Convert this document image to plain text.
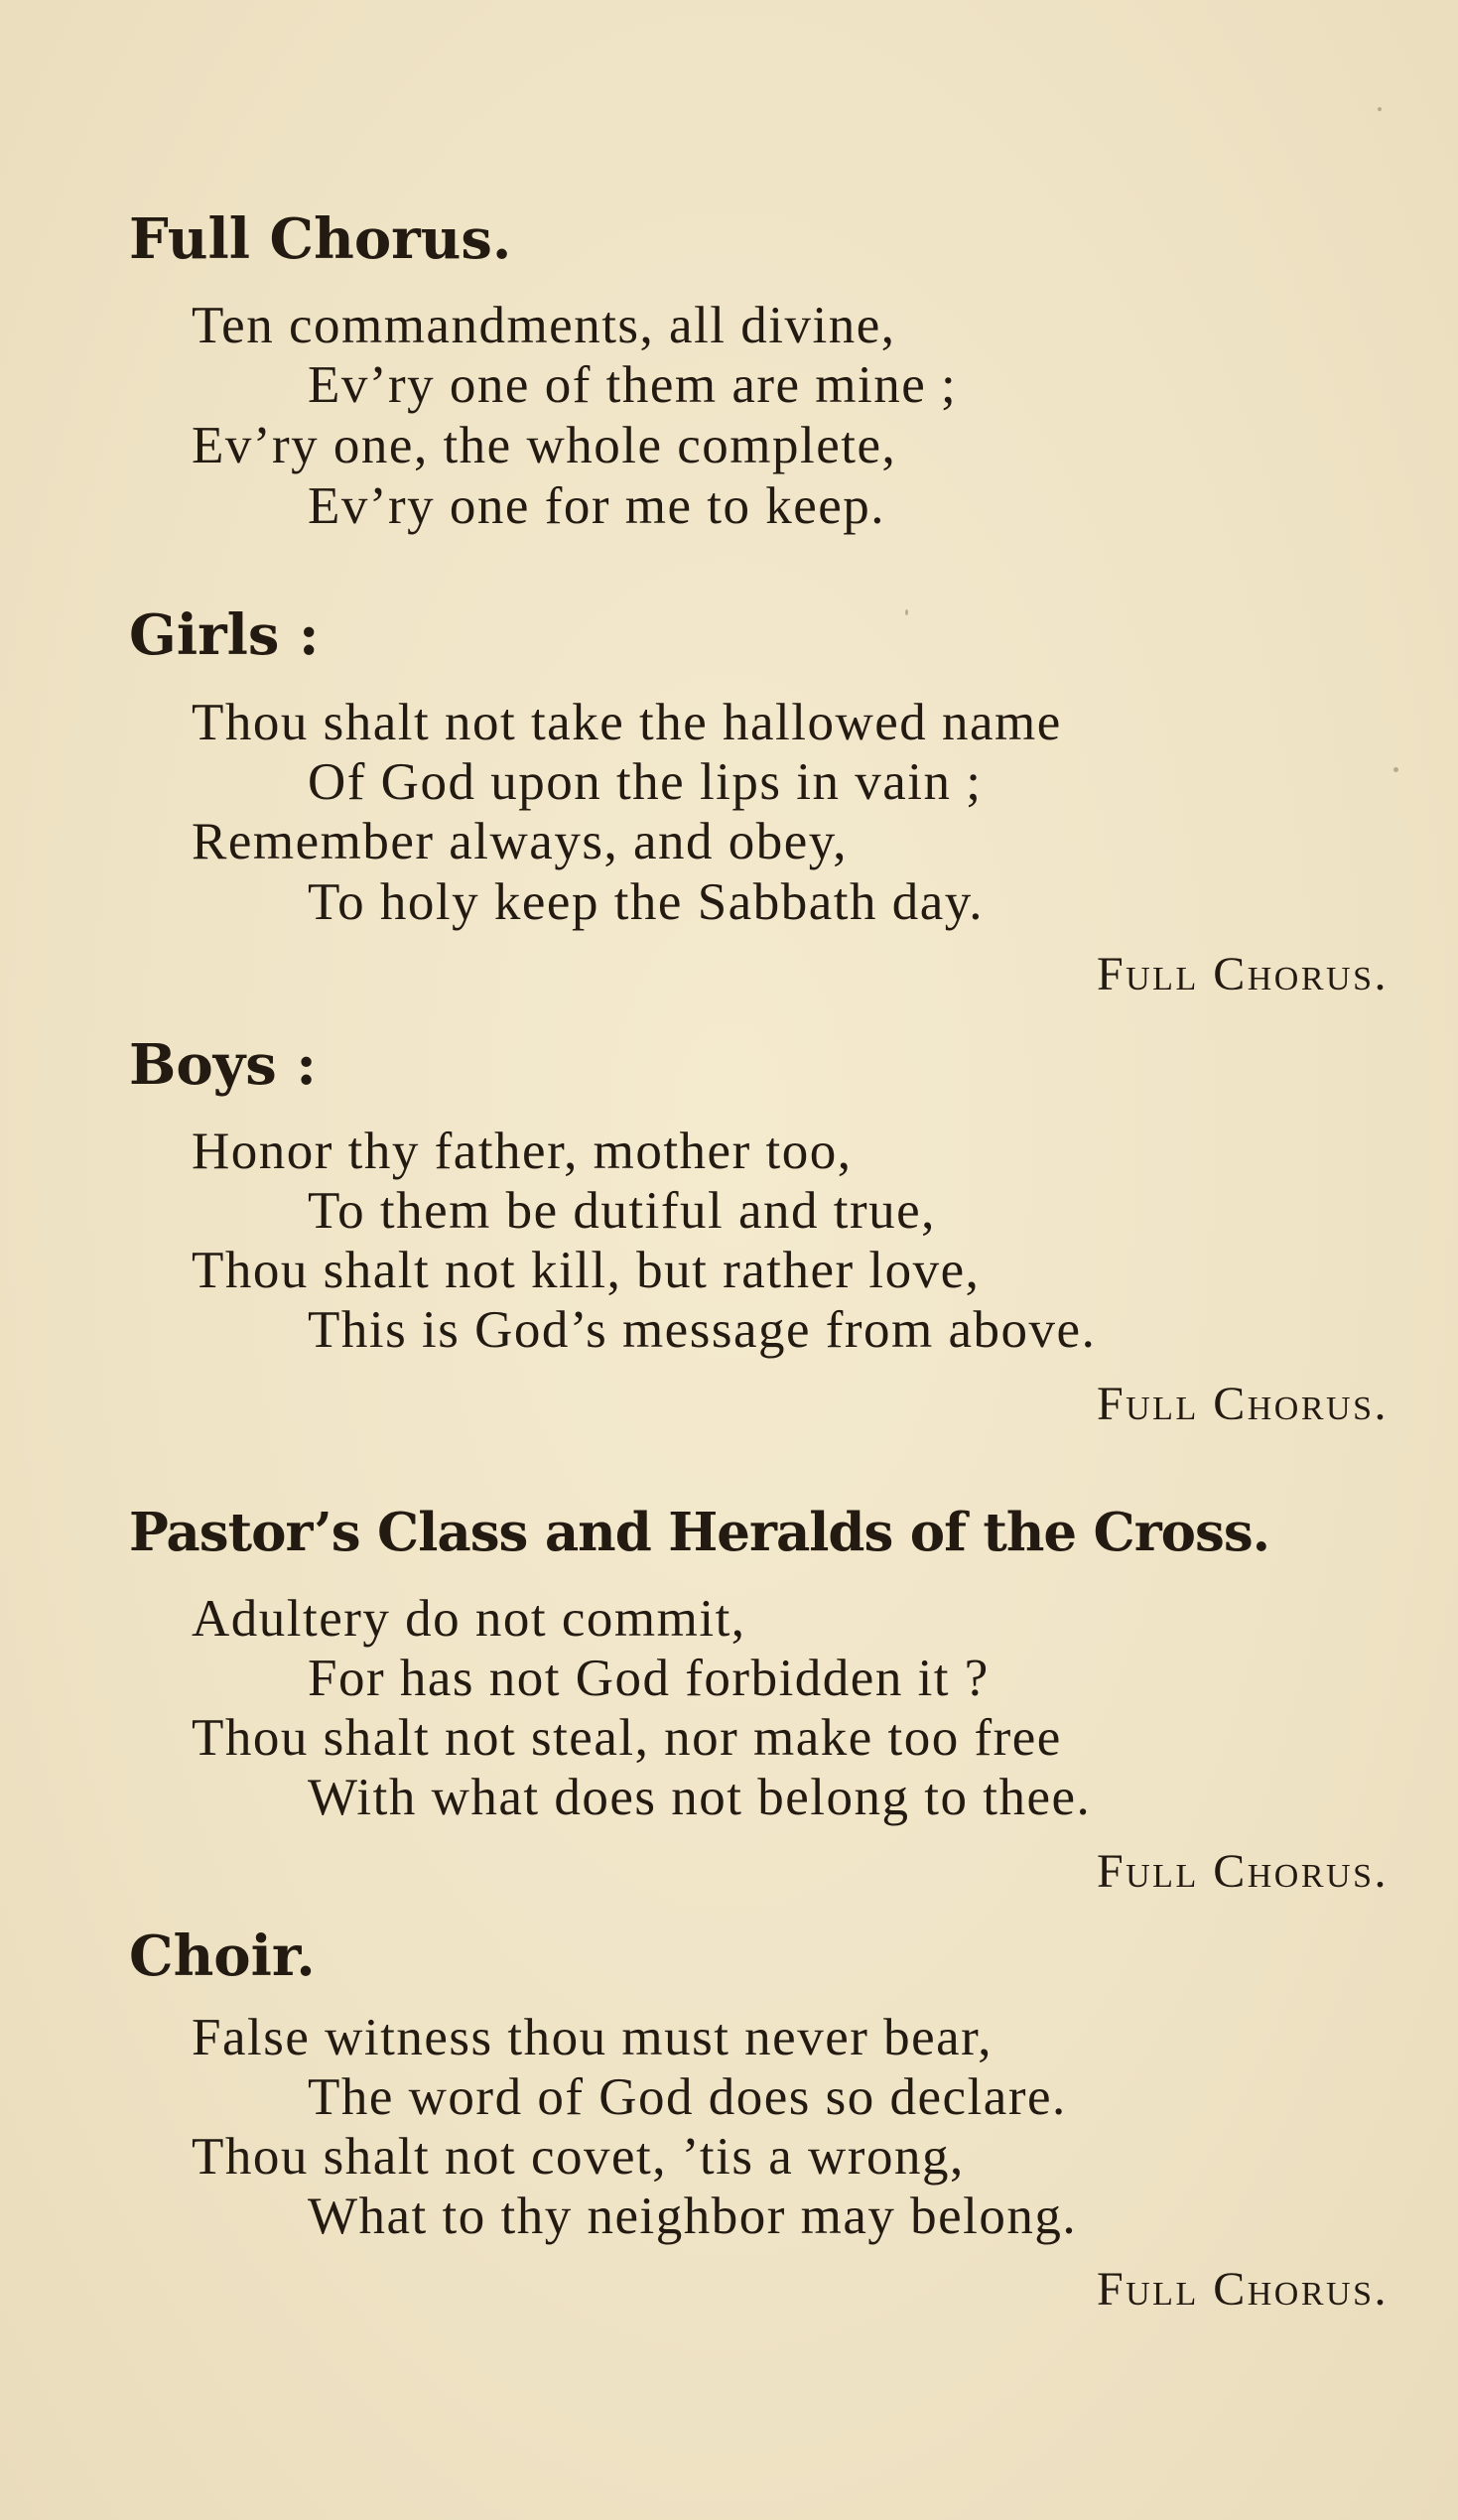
Full Chorus.
Ten commandments, all divine,
Ev’ry one of them are mine ;
Ev’ry one, the whole complete,
Ev’ry one for me to keep.
Girls :
Thou shalt not take the hallowed name
Of God upon the lips in vain ;
Remember always, and obey,
To holy keep the Sabbath day.
Full Chorus.
Boys :
Honor thy father, mother too,
To them be dutiful and true,
Thou shalt not kill, but rather love,
This is God’s message from above.
Full Chorus.
Pastor’s Class and Heralds of the Cross.
Adultery do not commit,
For has not God forbidden it ?
Thou shalt not steal, nor make too free
With what does not belong to thee.
Full Chorus.
Choir.
False witness thou must never bear,
The word of God does so declare.
Thou shalt not covet, ’tis a wrong,
What to thy neighbor may belong.
Full Chorus.
